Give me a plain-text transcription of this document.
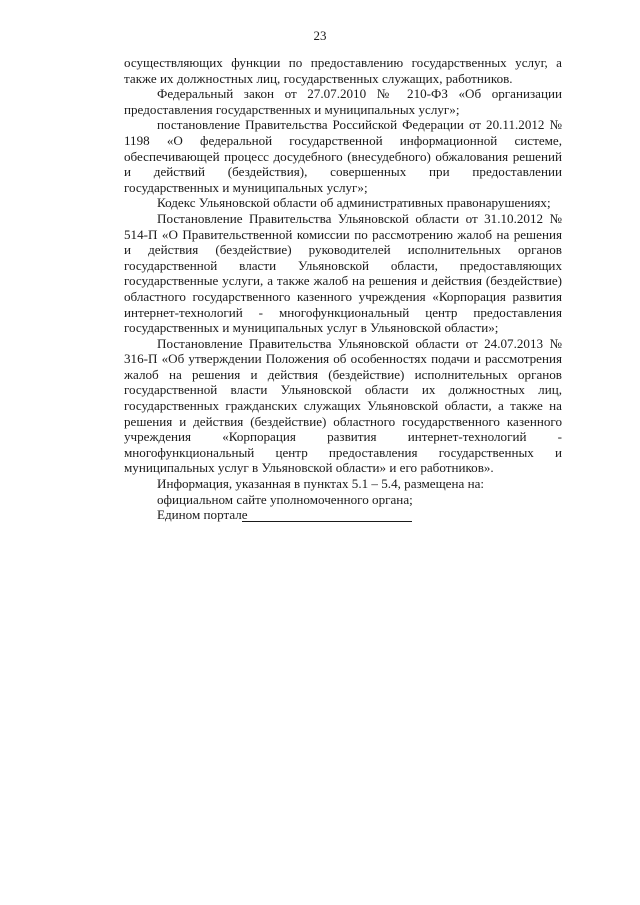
23

осуществляющих функции по предоставлению государственных услуг, а также их должностных лиц, государственных служащих, работников.

Федеральный закон от 27.07.2010 № 210-ФЗ «Об организации предоставления государственных и муниципальных услуг»;

постановление Правительства Российской Федерации от 20.11.2012 № 1198 «О федеральной государственной информационной системе, обеспечивающей процесс досудебного (внесудебного) обжалования решений и действий (бездействия), совершенных при предоставлении государственных и муниципальных услуг»;

Кодекс Ульяновской области об административных правонарушениях;

Постановление Правительства Ульяновской области от 31.10.2012 № 514-П «О Правительственной комиссии по рассмотрению жалоб на решения и действия (бездействие) руководителей исполнительных органов государственной власти Ульяновской области, предоставляющих государственные услуги, а также жалоб на решения и действия (бездействие) областного государственного казенного учреждения «Корпорация развития интернет-технологий - многофункциональный центр предоставления государственных и муниципальных услуг в Ульяновской области»;

Постановление Правительства Ульяновской области от 24.07.2013 № 316-П «Об утверждении Положения об особенностях подачи и рассмотрения жалоб на решения и действия (бездействие) исполнительных органов государственной власти Ульяновской области их должностных лиц, государственных гражданских служащих Ульяновской области, а также на решения и действия (бездействие) областного государственного казенного учреждения «Корпорация развития интернет-технологий - многофункциональный центр предоставления государственных и муниципальных услуг в Ульяновской области» и его работников».

Информация, указанная в пунктах 5.1 – 5.4, размещена на:

официальном сайте уполномоченного органа;

Едином портале
